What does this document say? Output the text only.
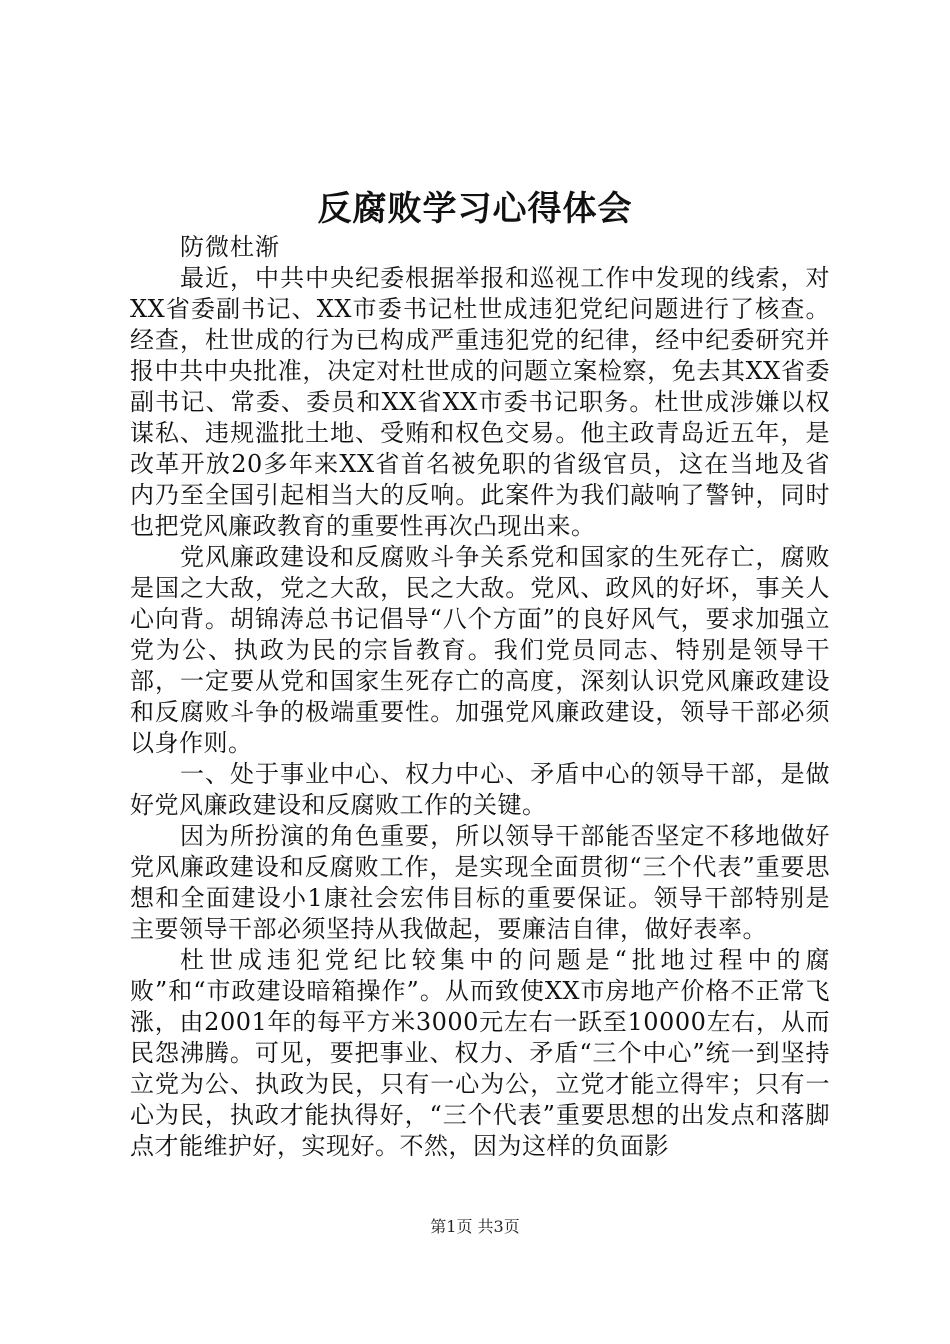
反腐败学习心得体会

防微杜渐

最近，中共中央纪委根据举报和巡视工作中发现的线索，对XX省委副书记、XX市委书记杜世成违犯党纪问题进行了核查。经查，杜世成的行为已构成严重违犯党的纪律，经中纪委研究并报中共中央批准，决定对杜世成的问题立案检察，免去其XX省委副书记、常委、委员和XX省XX市委书记职务。杜世成涉嫌以权谋私、违规滥批土地、受贿和权色交易。他主政青岛近五年，是改革开放20多年来XX省首名被免职的省级官员，这在当地及省内乃至全国引起相当大的反响。此案件为我们敲响了警钟，同时也把党风廉政教育的重要性再次凸现出来。

党风廉政建设和反腐败斗争关系党和国家的生死存亡，腐败是国之大敌，党之大敌，民之大敌。党风、政风的好坏，事关人心向背。胡锦涛总书记倡导“八个方面”的良好风气，要求加强立党为公、执政为民的宗旨教育。我们党员同志、特别是领导干部，一定要从党和国家生死存亡的高度，深刻认识党风廉政建设和反腐败斗争的极端重要性。加强党风廉政建设，领导干部必须以身作则。

一、处于事业中心、权力中心、矛盾中心的领导干部，是做好党风廉政建设和反腐败工作的关键。

因为所扮演的角色重要，所以领导干部能否坚定不移地做好党风廉政建设和反腐败工作，是实现全面贯彻“三个代表”重要思想和全面建设小1康社会宏伟目标的重要保证。领导干部特别是主要领导干部必须坚持从我做起，要廉洁自律，做好表率。

杜世成违犯党纪比较集中的问题是“批地过程中的腐败”和“市政建设暗箱操作”。从而致使XX市房地产价格不正常飞涨，由2001年的每平方米3000元左右一跃至10000左右，从而民怨沸腾。可见，要把事业、权力、矛盾“三个中心”统一到坚持立党为公、执政为民，只有一心为公，立党才能立得牢；只有一心为民，执政才能执得好，“三个代表”重要思想的出发点和落脚点才能维护好，实现好。不然，因为这样的负面影

第1页 共3页
